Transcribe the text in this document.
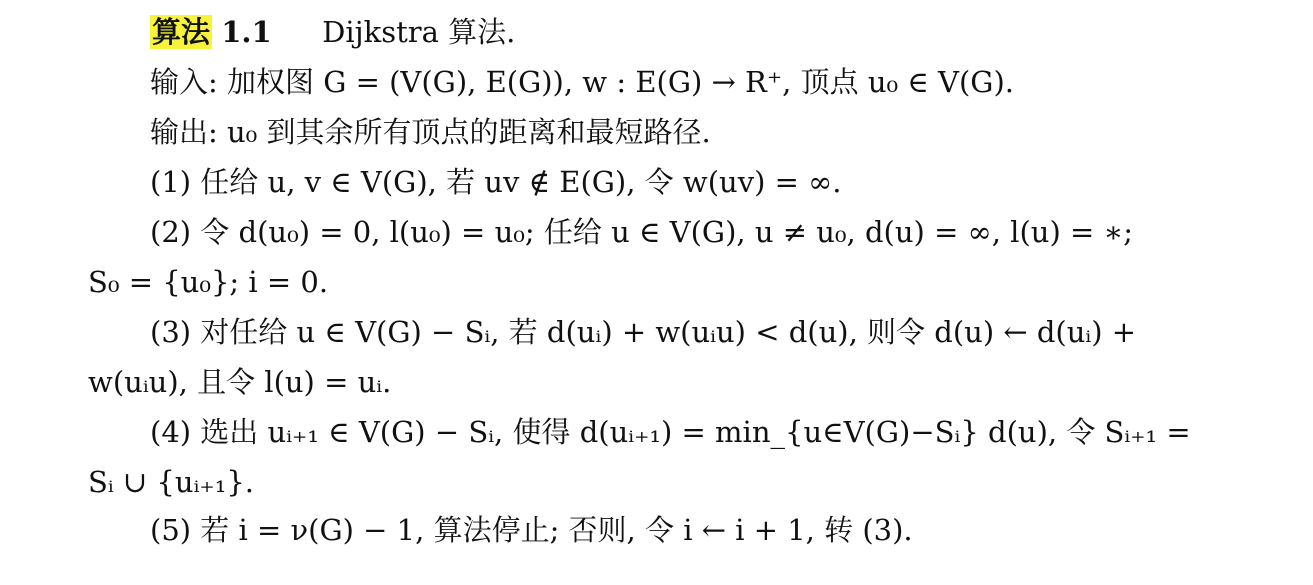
算法 1.1 Dijkstra 算法.
输入: 加权图 G = (V(G), E(G)), w : E(G) → R⁺, 顶点 u₀ ∈ V(G).
输出: u₀ 到其余所有顶点的距离和最短路径.
(1) 任给 u, v ∈ V(G), 若 uv ∉ E(G), 令 w(uv) = ∞.
(2) 令 d(u₀) = 0, l(u₀) = u₀; 任给 u ∈ V(G), u ≠ u₀, d(u) = ∞, l(u) = ∗;
S₀ = {u₀}; i = 0.
(3) 对任给 u ∈ V(G) − Sᵢ, 若 d(uᵢ) + w(uᵢu) < d(u), 则令 d(u) ← d(uᵢ) +
w(uᵢu), 且令 l(u) = uᵢ.
(4) 选出 uᵢ₊₁ ∈ V(G) − Sᵢ, 使得 d(uᵢ₊₁) = min_{u∈V(G)−Sᵢ} d(u), 令 Sᵢ₊₁ =
Sᵢ ∪ {uᵢ₊₁}.
(5) 若 i = ν(G) − 1, 算法停止; 否则, 令 i ← i + 1, 转 (3).
